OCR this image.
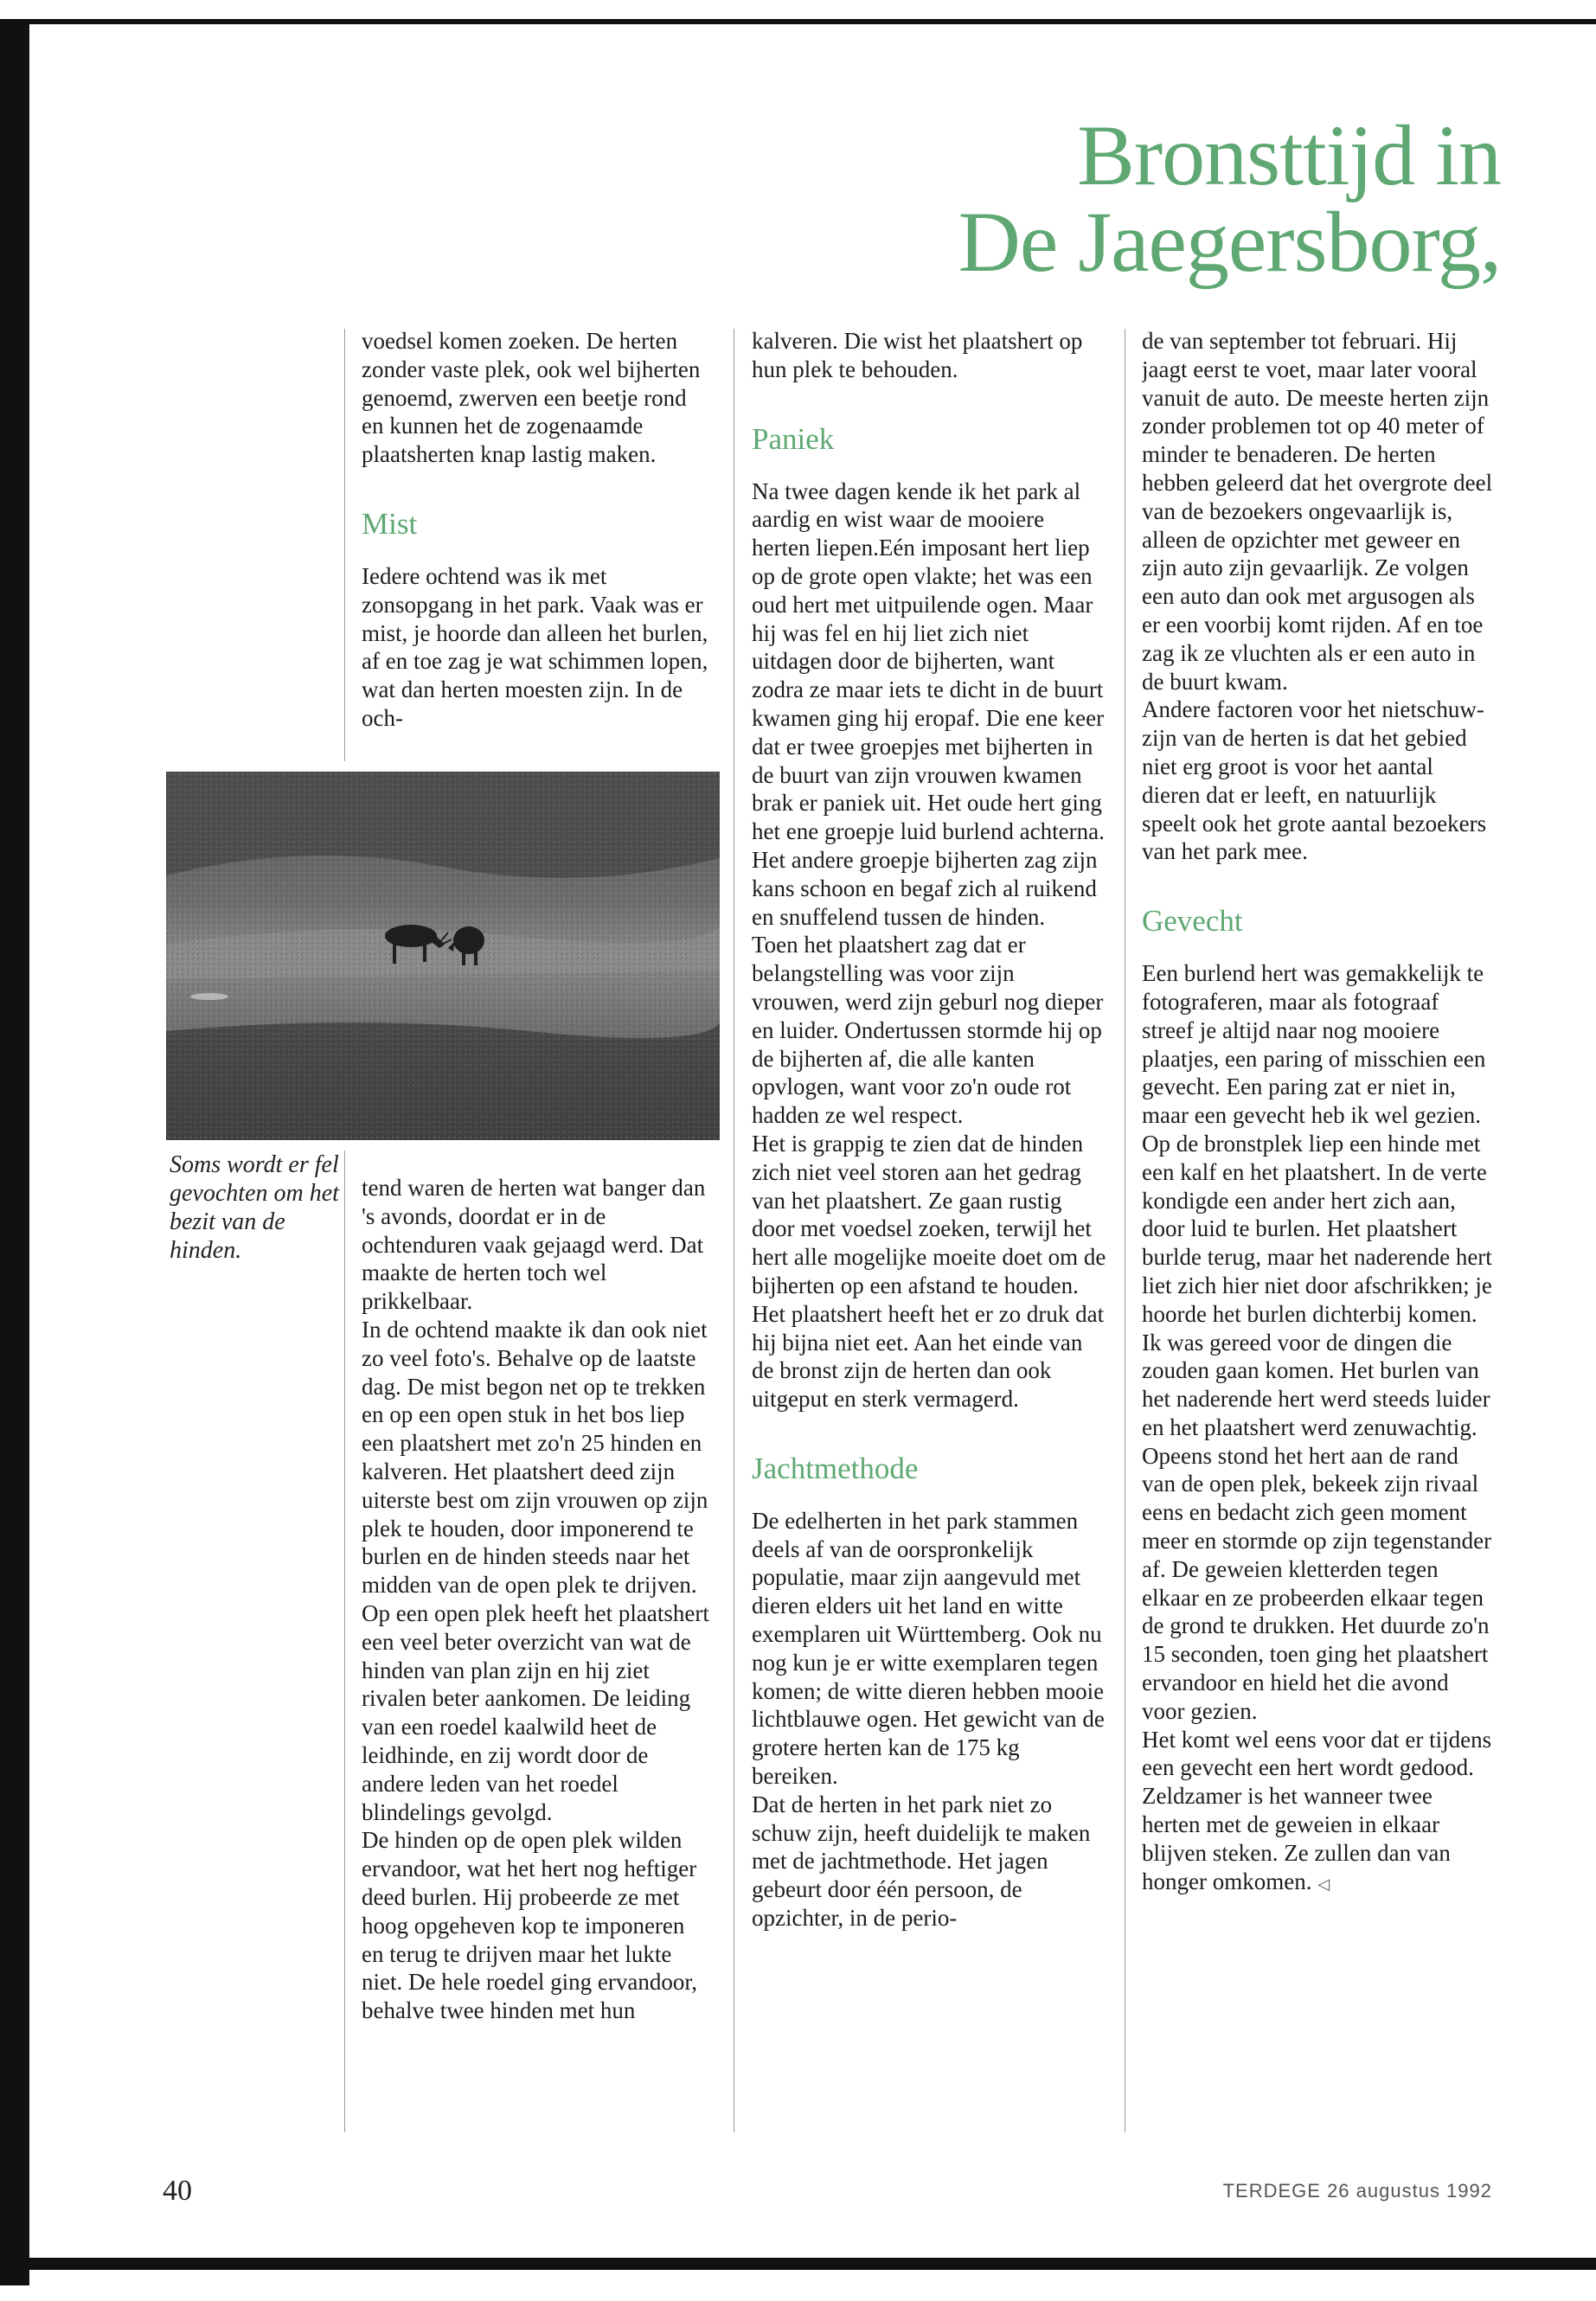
Bronsttijd in
De Jaegersborg,

voedsel komen zoeken. De herten zonder vaste plek, ook wel bijherten genoemd, zwerven een beetje rond en kunnen het de zogenaamde plaatsherten knap lastig maken.

Mist

Iedere ochtend was ik met zonsopgang in het park. Vaak was er mist, je hoorde dan alleen het burlen, af en toe zag je wat schimmen lopen, wat dan herten moesten zijn. In de och-

Soms wordt er fel gevochten om het bezit van de hinden.

tend waren de herten wat banger dan 's avonds, doordat er in de ochtenduren vaak gejaagd werd. Dat maakte de herten toch wel prikkelbaar.

In de ochtend maakte ik dan ook niet zo veel foto's. Behalve op de laatste dag. De mist begon net op te trekken en op een open stuk in het bos liep een plaatshert met zo'n 25 hinden en kalveren. Het plaatshert deed zijn uiterste best om zijn vrouwen op zijn plek te houden, door imponerend te burlen en de hinden steeds naar het midden van de open plek te drijven. Op een open plek heeft het plaatshert een veel beter overzicht van wat de hinden van plan zijn en hij ziet rivalen beter aankomen. De leiding van een roedel kaalwild heet de leidhinde, en zij wordt door de andere leden van het roedel blindelings gevolgd.

De hinden op de open plek wilden ervandoor, wat het hert nog heftiger deed burlen. Hij probeerde ze met hoog opgeheven kop te imponeren en terug te drijven maar het lukte niet. De hele roedel ging ervandoor, behalve twee hinden met hun

kalveren. Die wist het plaatshert op hun plek te behouden.

Paniek

Na twee dagen kende ik het park al aardig en wist waar de mooiere herten liepen.Eén imposant hert liep op de grote open vlakte; het was een oud hert met uitpuilende ogen. Maar hij was fel en hij liet zich niet uitdagen door de bijherten, want zodra ze maar iets te dicht in de buurt kwamen ging hij eropaf. Die ene keer dat er twee groepjes met bijherten in de buurt van zijn vrouwen kwamen brak er paniek uit. Het oude hert ging het ene groepje luid burlend achterna. Het andere groepje bijherten zag zijn kans schoon en begaf zich al ruikend en snuffelend tussen de hinden.

Toen het plaatshert zag dat er belangstelling was voor zijn vrouwen, werd zijn geburl nog dieper en luider. Ondertussen stormde hij op de bijherten af, die alle kanten opvlogen, want voor zo'n oude rot hadden ze wel respect.

Het is grappig te zien dat de hinden zich niet veel storen aan het gedrag van het plaatshert. Ze gaan rustig door met voedsel zoeken, terwijl het hert alle mogelijke moeite doet om de bijherten op een afstand te houden. Het plaatshert heeft het er zo druk dat hij bijna niet eet. Aan het einde van de bronst zijn de herten dan ook uitgeput en sterk vermagerd.

Jachtmethode

De edelherten in het park stammen deels af van de oorspronkelijk populatie, maar zijn aangevuld met dieren elders uit het land en witte exemplaren uit Württemberg. Ook nu nog kun je er witte exemplaren tegen komen; de witte dieren hebben mooie lichtblauwe ogen. Het gewicht van de grotere herten kan de 175 kg bereiken.

Dat de herten in het park niet zo schuw zijn, heeft duidelijk te maken met de jachtmethode. Het jagen gebeurt door één persoon, de opzichter, in de perio-

de van september tot februari. Hij jaagt eerst te voet, maar later vooral vanuit de auto. De meeste herten zijn zonder problemen tot op 40 meter of minder te benaderen. De herten hebben geleerd dat het overgrote deel van de bezoekers ongevaarlijk is, alleen de opzichter met geweer en zijn auto zijn gevaarlijk. Ze volgen een auto dan ook met argusogen als er een voorbij komt rijden. Af en toe zag ik ze vluchten als er een auto in de buurt kwam.

Andere factoren voor het nietschuw-zijn van de herten is dat het gebied niet erg groot is voor het aantal dieren dat er leeft, en natuurlijk speelt ook het grote aantal bezoekers van het park mee.

Gevecht

Een burlend hert was gemakkelijk te fotograferen, maar als fotograaf streef je altijd naar nog mooiere plaatjes, een paring of misschien een gevecht. Een paring zat er niet in, maar een gevecht heb ik wel gezien. Op de bronstplek liep een hinde met een kalf en het plaatshert. In de verte kondigde een ander hert zich aan, door luid te burlen. Het plaatshert burlde terug, maar het naderende hert liet zich hier niet door afschrikken; je hoorde het burlen dichterbij komen.

Ik was gereed voor de dingen die zouden gaan komen. Het burlen van het naderende hert werd steeds luider en het plaatshert werd zenuwachtig. Opeens stond het hert aan de rand van de open plek, bekeek zijn rivaal eens en bedacht zich geen moment meer en stormde op zijn tegenstander af. De geweien kletterden tegen elkaar en ze probeerden elkaar tegen de grond te drukken. Het duurde zo'n 15 seconden, toen ging het plaatshert ervandoor en hield het die avond voor gezien.

Het komt wel eens voor dat er tijdens een gevecht een hert wordt gedood. Zeldzamer is het wanneer twee herten met de geweien in elkaar blijven steken. Ze zullen dan van honger omkomen. ◁

40	TERDEGE 26 augustus 1992
